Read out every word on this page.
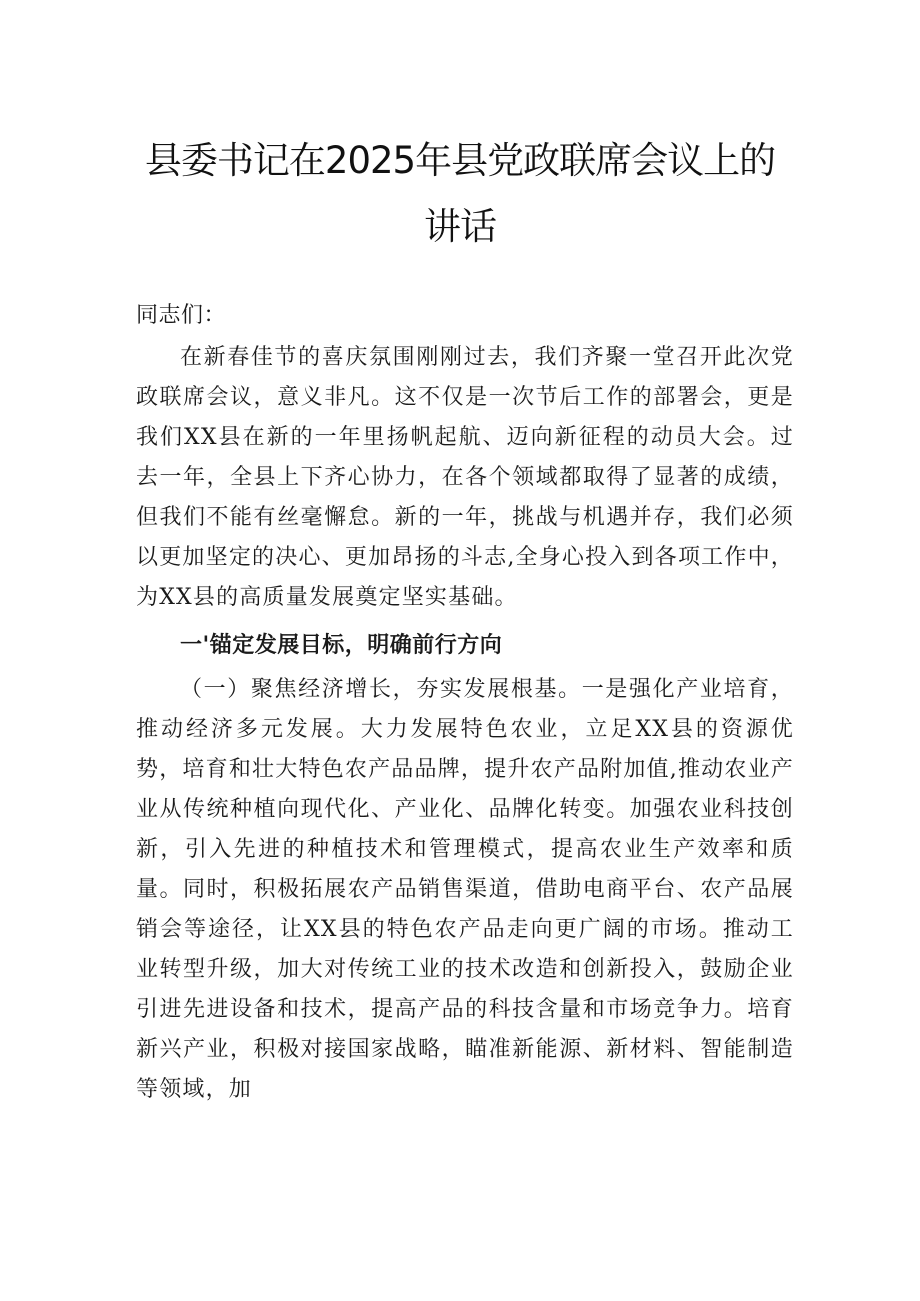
县委书记在2025年县党政联席会议上的讲话

同志们：

在新春佳节的喜庆氛围刚刚过去，我们齐聚一堂召开此次党政联席会议，意义非凡。这不仅是一次节后工作的部署会，更是我们XX县在新的一年里扬帆起航、迈向新征程的动员大会。过去一年，全县上下齐心协力，在各个领域都取得了显著的成绩，但我们不能有丝毫懈怠。新的一年，挑战与机遇并存，我们必须以更加坚定的决心、更加昂扬的斗志,全身心投入到各项工作中，为XX县的高质量发展奠定坚实基础。

一'锚定发展目标，明确前行方向

（一）聚焦经济增长，夯实发展根基。一是强化产业培育，推动经济多元发展。大力发展特色农业，立足XX县的资源优势，培育和壮大特色农产品品牌，提升农产品附加值,推动农业产业从传统种植向现代化、产业化、品牌化转变。加强农业科技创新，引入先进的种植技术和管理模式，提高农业生产效率和质量。同时，积极拓展农产品销售渠道，借助电商平台、农产品展销会等途径，让XX县的特色农产品走向更广阔的市场。推动工业转型升级，加大对传统工业的技术改造和创新投入，鼓励企业引进先进设备和技术，提高产品的科技含量和市场竞争力。培育新兴产业，积极对接国家战略，瞄准新能源、新材料、智能制造等领域，加
